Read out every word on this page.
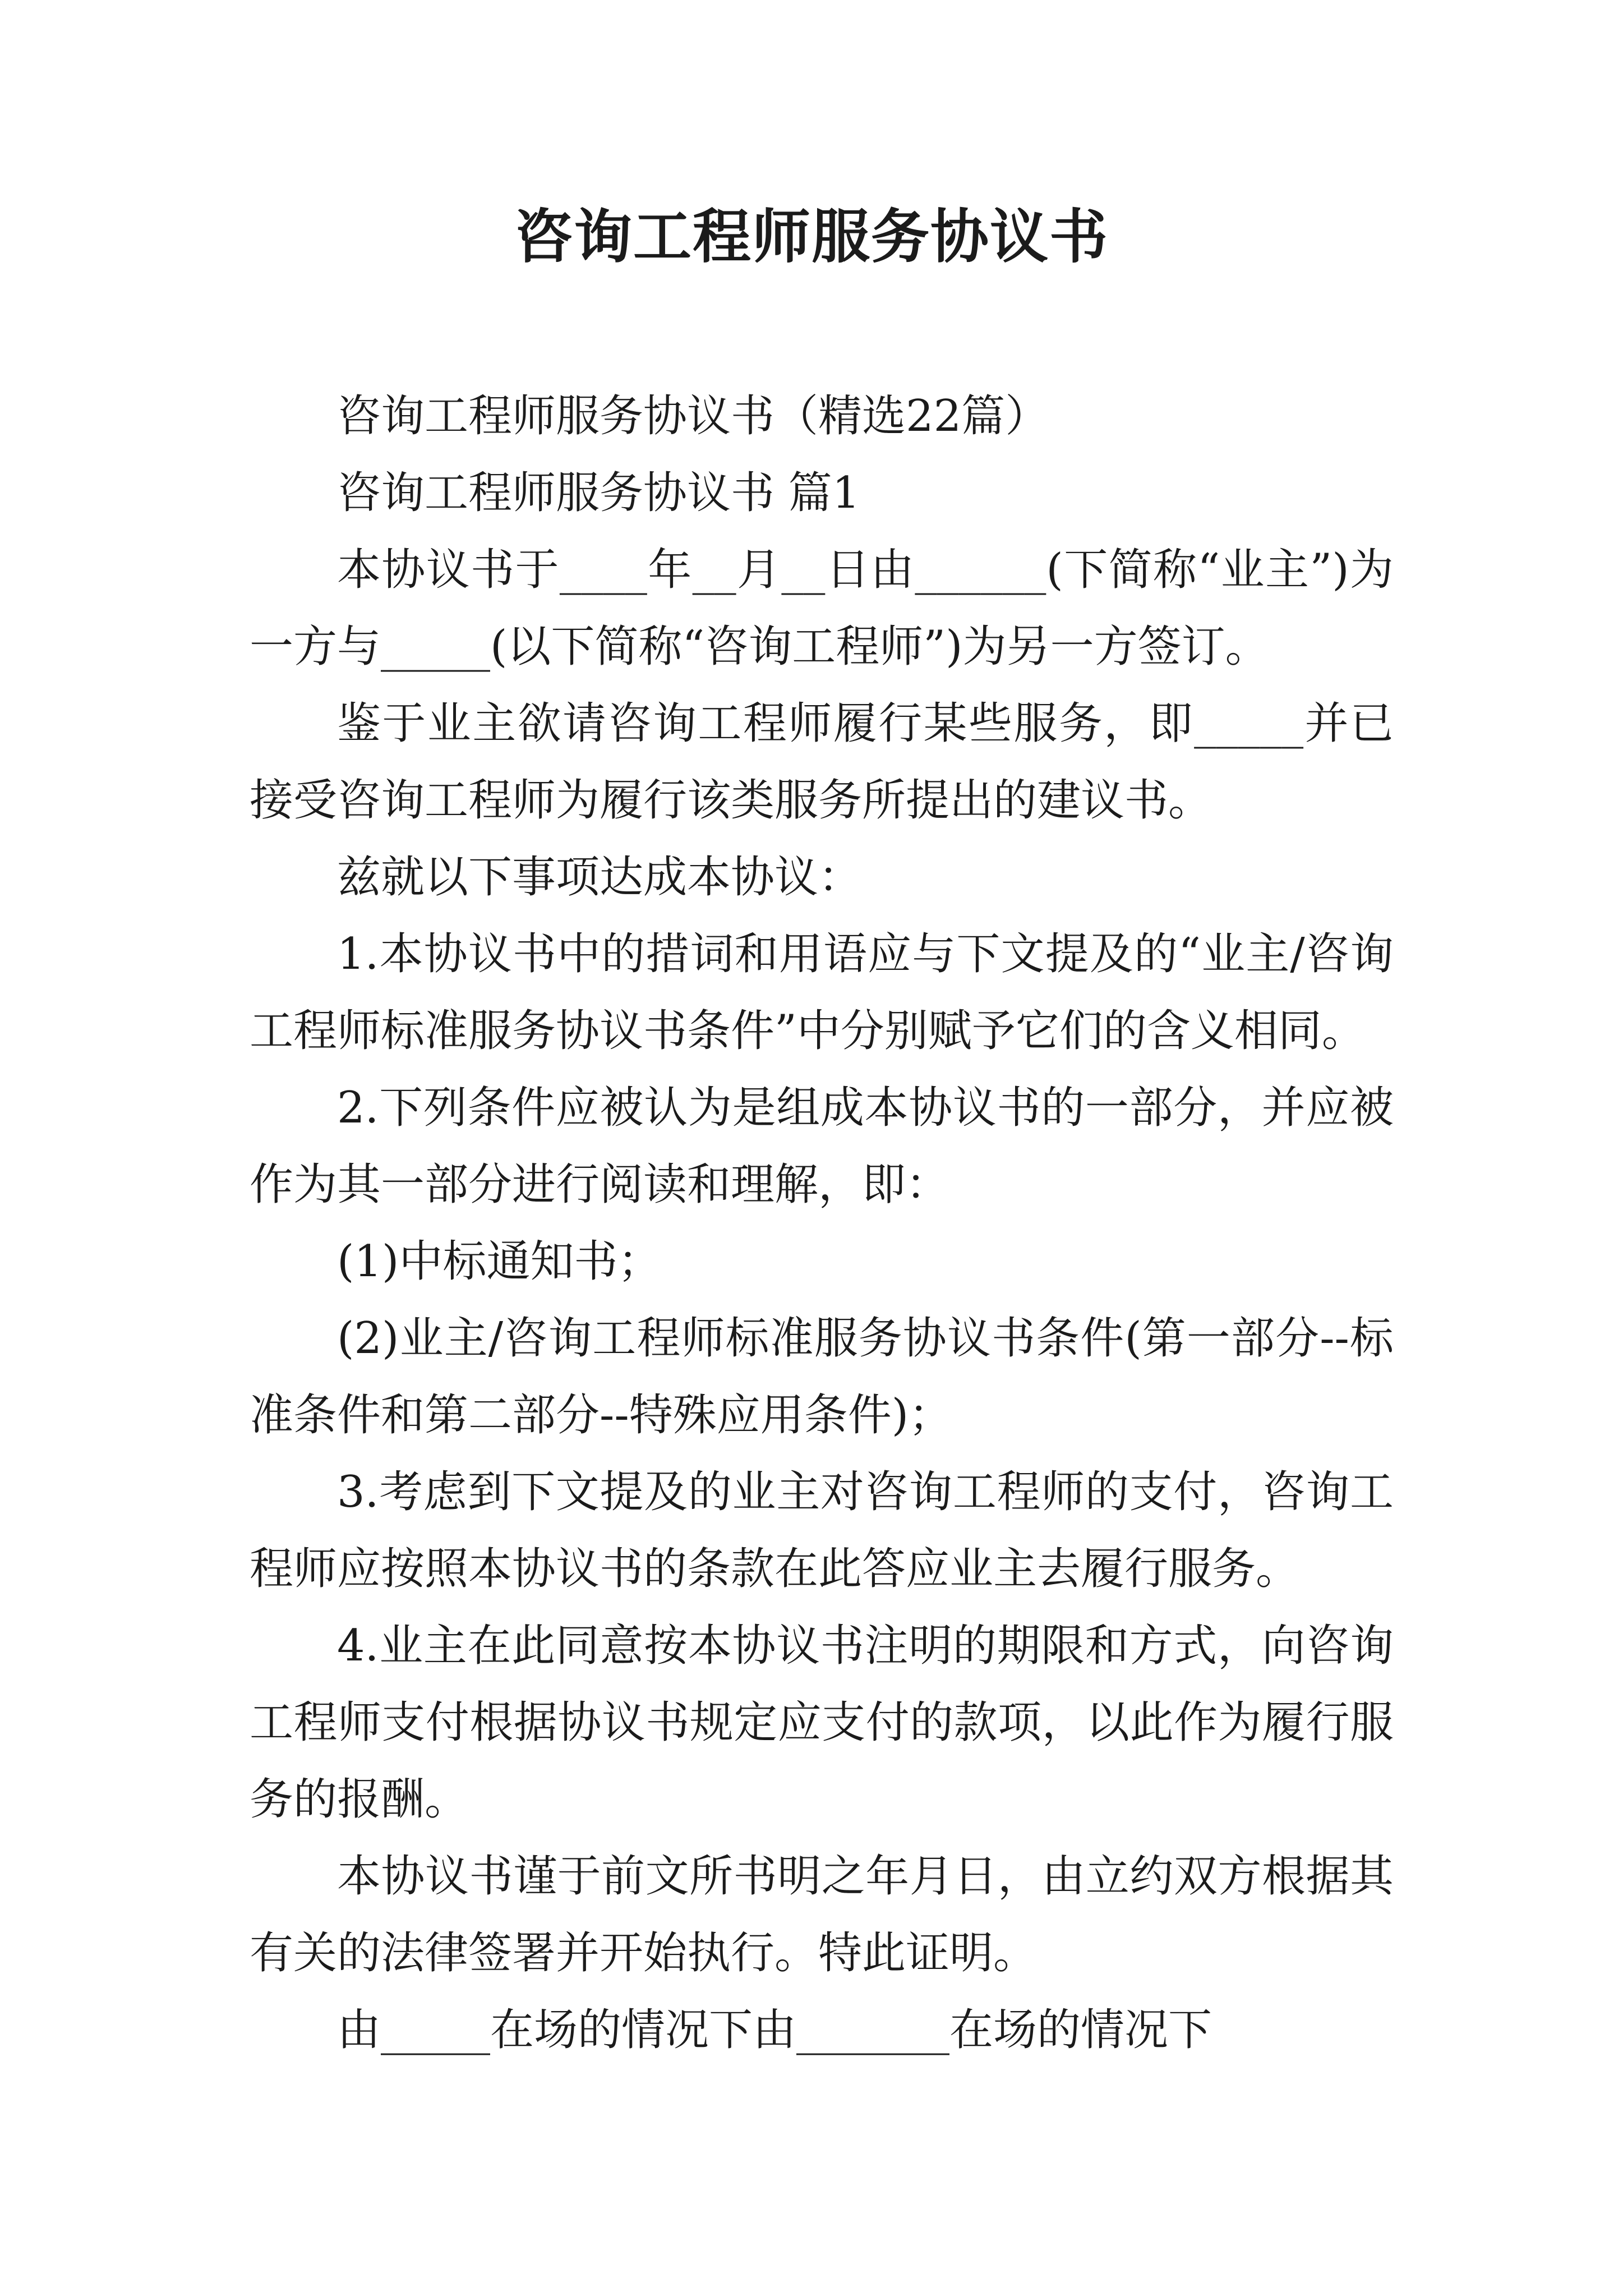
咨询工程师服务协议书

咨询工程师服务协议书（精选22篇）

咨询工程师服务协议书 篇1

本协议书于____年__月__日由______(下简称“业主”)为一方与_____(以下简称“咨询工程师”)为另一方签订。

鉴于业主欲请咨询工程师履行某些服务，即_____并已接受咨询工程师为履行该类服务所提出的建议书。

兹就以下事项达成本协议：

1.本协议书中的措词和用语应与下文提及的“业主/咨询工程师标准服务协议书条件”中分别赋予它们的含义相同。

2.下列条件应被认为是组成本协议书的一部分，并应被作为其一部分进行阅读和理解，即：

(1)中标通知书；

(2)业主/咨询工程师标准服务协议书条件(第一部分--标准条件和第二部分--特殊应用条件)；

3.考虑到下文提及的业主对咨询工程师的支付，咨询工程师应按照本协议书的条款在此答应业主去履行服务。

4.业主在此同意按本协议书注明的期限和方式，向咨询工程师支付根据协议书规定应支付的款项，以此作为履行服务的报酬。

本协议书谨于前文所书明之年月日，由立约双方根据其有关的法律签署并开始执行。特此证明。

由_____在场的情况下由_______在场的情况下
